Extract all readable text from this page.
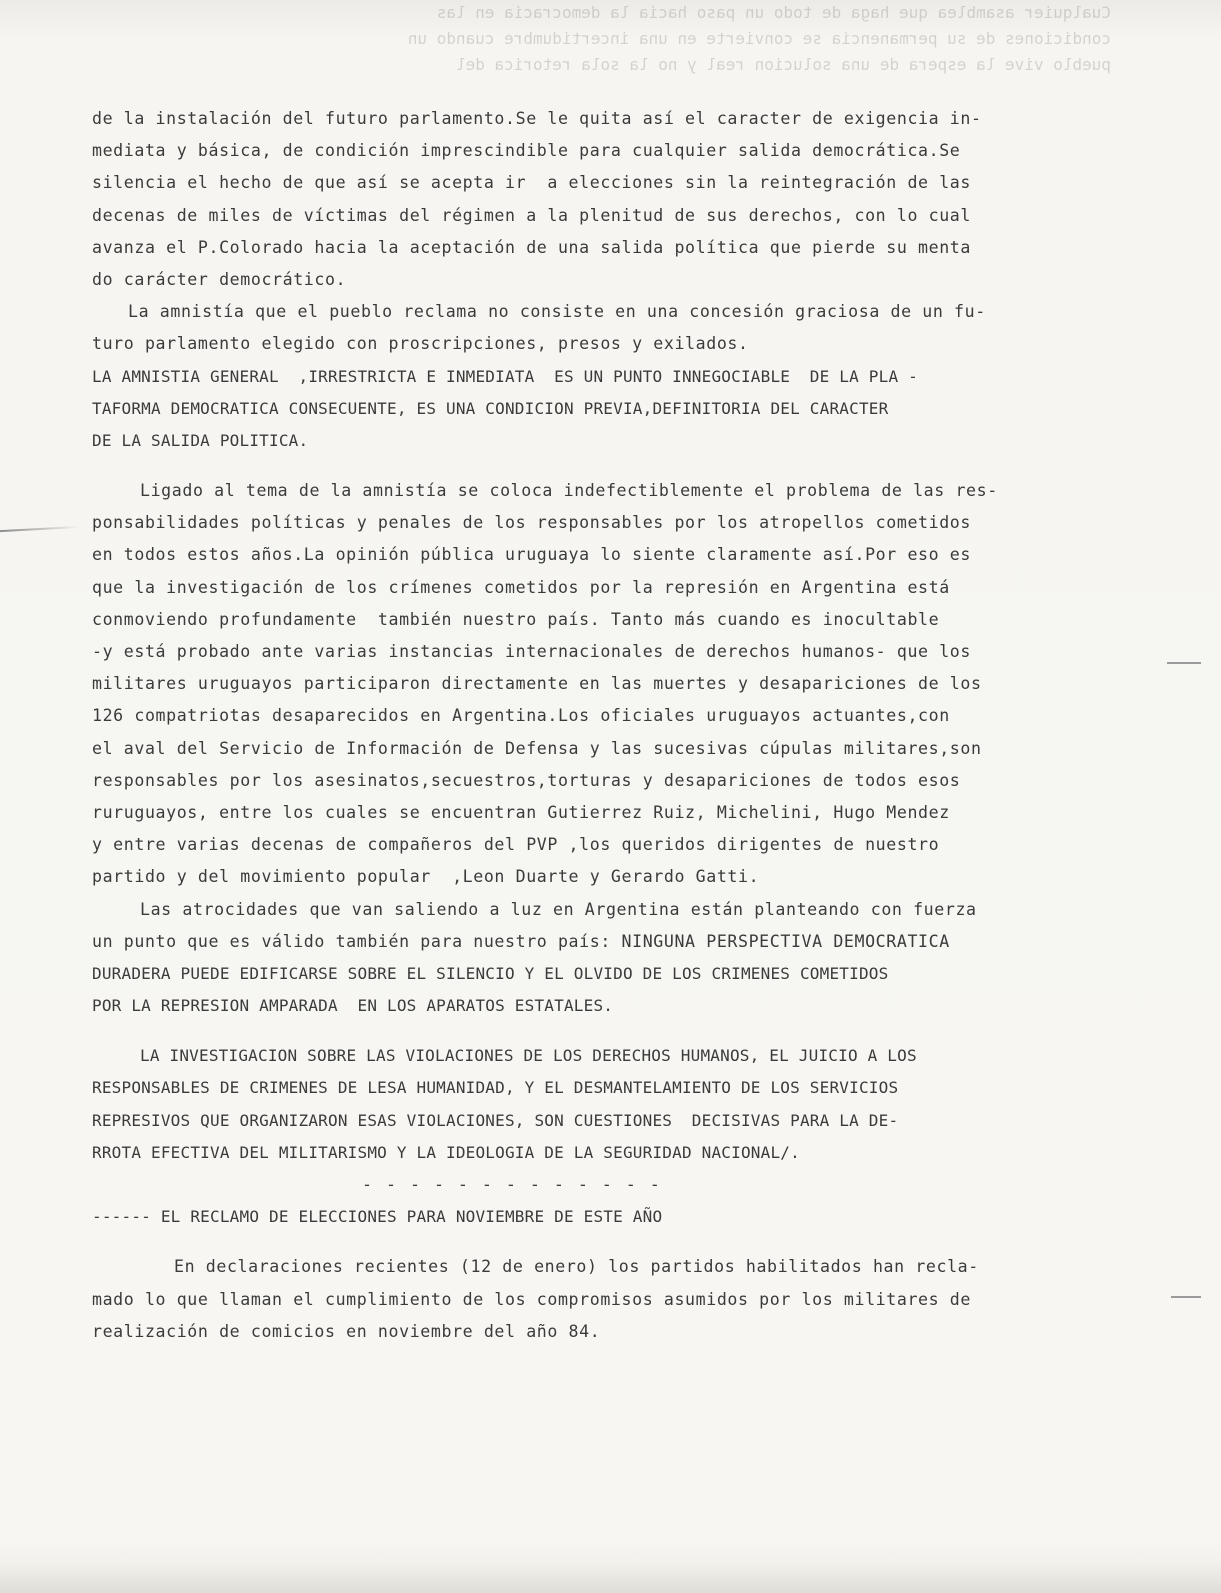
Cualquier asamblea que haga de todo un paso hacia la democracia en las
condiciones de su permanencia se convierte en una incertidumbre cuando un
pueblo vive la espera de una solucion real y no la sola retorica del

de la instalación del futuro parlamento.Se le quita así el caracter de exigencia in-
mediata y básica, de condición imprescindible para cualquier salida democrática.Se
silencia el hecho de que así se acepta ir  a elecciones sin la reintegración de las
decenas de miles de víctimas del régimen a la plenitud de sus derechos, con lo cual
avanza el P.Colorado hacia la aceptación de una salida política que pierde su menta
do carácter democrático.
La amnistía que el pueblo reclama no consiste en una concesión graciosa de un fu-
turo parlamento elegido con proscripciones, presos y exilados.
LA AMNISTIA GENERAL  ,IRRESTRICTA E INMEDIATA  ES UN PUNTO INNEGOCIABLE  DE LA PLA -
TAFORMA DEMOCRATICA CONSECUENTE, ES UNA CONDICION PREVIA,DEFINITORIA DEL CARACTER
DE LA SALIDA POLITICA.
Ligado al tema de la amnistía se coloca indefectiblemente el problema de las res-
ponsabilidades políticas y penales de los responsables por los atropellos cometidos
en todos estos años.La opinión pública uruguaya lo siente claramente así.Por eso es
que la investigación de los crímenes cometidos por la represión en Argentina está
conmoviendo profundamente  también nuestro país. Tanto más cuando es inocultable
-y está probado ante varias instancias internacionales de derechos humanos- que los
militares uruguayos participaron directamente en las muertes y desapariciones de los
126 compatriotas desaparecidos en Argentina.Los oficiales uruguayos actuantes,con
el aval del Servicio de Información de Defensa y las sucesivas cúpulas militares,son
responsables por los asesinatos,secuestros,torturas y desapariciones de todos esos
ruruguayos, entre los cuales se encuentran Gutierrez Ruiz, Michelini, Hugo Mendez
y entre varias decenas de compañeros del PVP ,los queridos dirigentes de nuestro
partido y del movimiento popular  ,Leon Duarte y Gerardo Gatti.
Las atrocidades que van saliendo a luz en Argentina están planteando con fuerza
un punto que es válido también para nuestro país: NINGUNA PERSPECTIVA DEMOCRATICA
DURADERA PUEDE EDIFICARSE SOBRE EL SILENCIO Y EL OLVIDO DE LOS CRIMENES COMETIDOS
POR LA REPRESION AMPARADA  EN LOS APARATOS ESTATALES.
LA INVESTIGACION SOBRE LAS VIOLACIONES DE LOS DERECHOS HUMANOS, EL JUICIO A LOS
RESPONSABLES DE CRIMENES DE LESA HUMANIDAD, Y EL DESMANTELAMIENTO DE LOS SERVICIOS
REPRESIVOS QUE ORGANIZARON ESAS VIOLACIONES, SON CUESTIONES  DECISIVAS PARA LA DE-
RROTA EFECTIVA DEL MILITARISMO Y LA IDEOLOGIA DE LA SEGURIDAD NACIONAL/.
- - - - - - - - - - - - -
------ EL RECLAMO DE ELECCIONES PARA NOVIEMBRE DE ESTE AÑO
En declaraciones recientes (12 de enero) los partidos habilitados han recla-
mado lo que llaman el cumplimiento de los compromisos asumidos por los militares de
realización de comicios en noviembre del año 84.
